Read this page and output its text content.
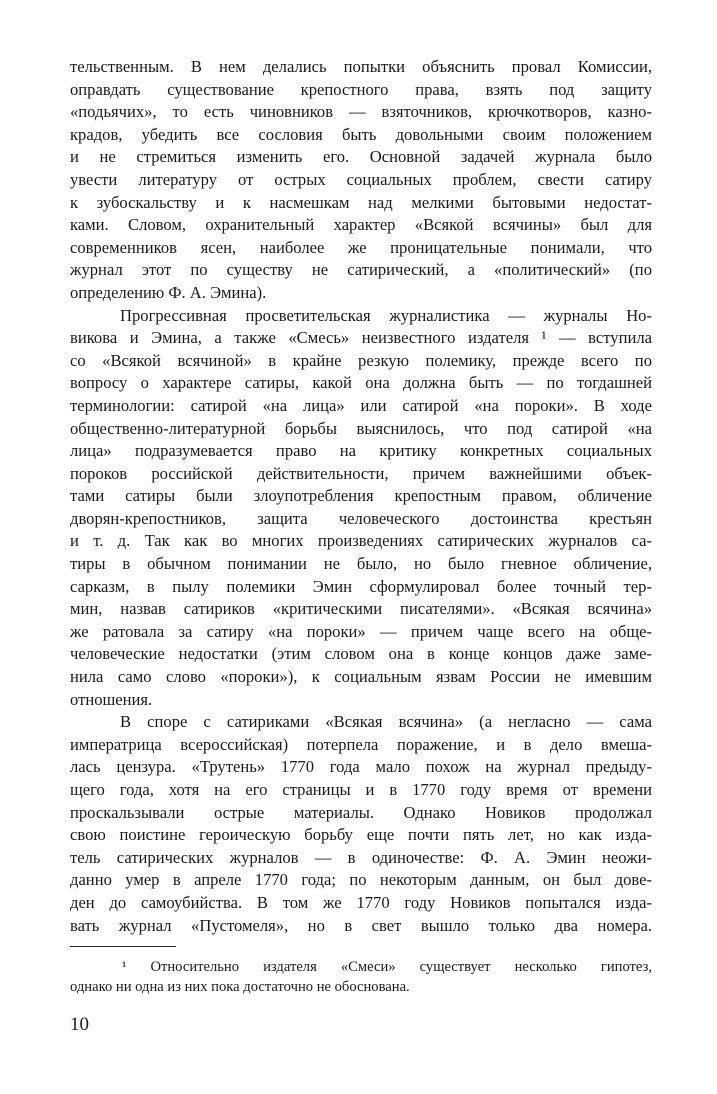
тельственным. В нем делались попытки объяснить провал Комиссии,
оправдать существование крепостного права, взять под защиту
«подьячих», то есть чиновников — взяточников, крючкотворов, казно-
крадов, убедить все сословия быть довольными своим положением
и не стремиться изменить его. Основной задачей журнала было
увести литературу от острых социальных проблем, свести сатиру
к зубоскальству и к насмешкам над мелкими бытовыми недостат-
ками. Словом, охранительный характер «Всякой всячины» был для
современников ясен, наиболее же проницательные понимали, что
журнал этот по существу не сатирический, а «политический» (по
определению Ф. А. Эмина).
Прогрессивная просветительская журналистика — журналы Но-
викова и Эмина, а также «Смесь» неизвестного издателя ¹ — вступила
со «Всякой всячиной» в крайне резкую полемику, прежде всего по
вопросу о характере сатиры, какой она должна быть — по тогдашней
терминологии: сатирой «на лица» или сатирой «на пороки». В ходе
общественно-литературной борьбы выяснилось, что под сатирой «на
лица» подразумевается право на критику конкретных социальных
пороков российской действительности, причем важнейшими объек-
тами сатиры были злоупотребления крепостным правом, обличение
дворян-крепостников, защита человеческого достоинства крестьян
и т. д. Так как во многих произведениях сатирических журналов са-
тиры в обычном понимании не было, но было гневное обличение,
сарказм, в пылу полемики Эмин сформулировал более точный тер-
мин, назвав сатириков «критическими писателями». «Всякая всячина»
же ратовала за сатиру «на пороки» — причем чаще всего на обще-
человеческие недостатки (этим словом она в конце концов даже заме-
нила само слово «пороки»), к социальным язвам России не имевшим
отношения.
В споре с сатириками «Всякая всячина» (а негласно — сама
императрица всероссийская) потерпела поражение, и в дело вмеша-
лась цензура. «Трутень» 1770 года мало похож на журнал предыду-
щего года, хотя на его страницы и в 1770 году время от времени
проскальзывали острые материалы. Однако Новиков продолжал
свою поистине героическую борьбу еще почти пять лет, но как изда-
тель сатирических журналов — в одиночестве: Ф. А. Эмин неожи-
данно умер в апреле 1770 года; по некоторым данным, он был дове-
ден до самоубийства. В том же 1770 году Новиков попытался изда-
вать журнал «Пустомеля», но в свет вышло только два номера.
¹ Относительно издателя «Смеси» существует несколько гипотез,
однако ни одна из них пока достаточно не обоснована.
10
